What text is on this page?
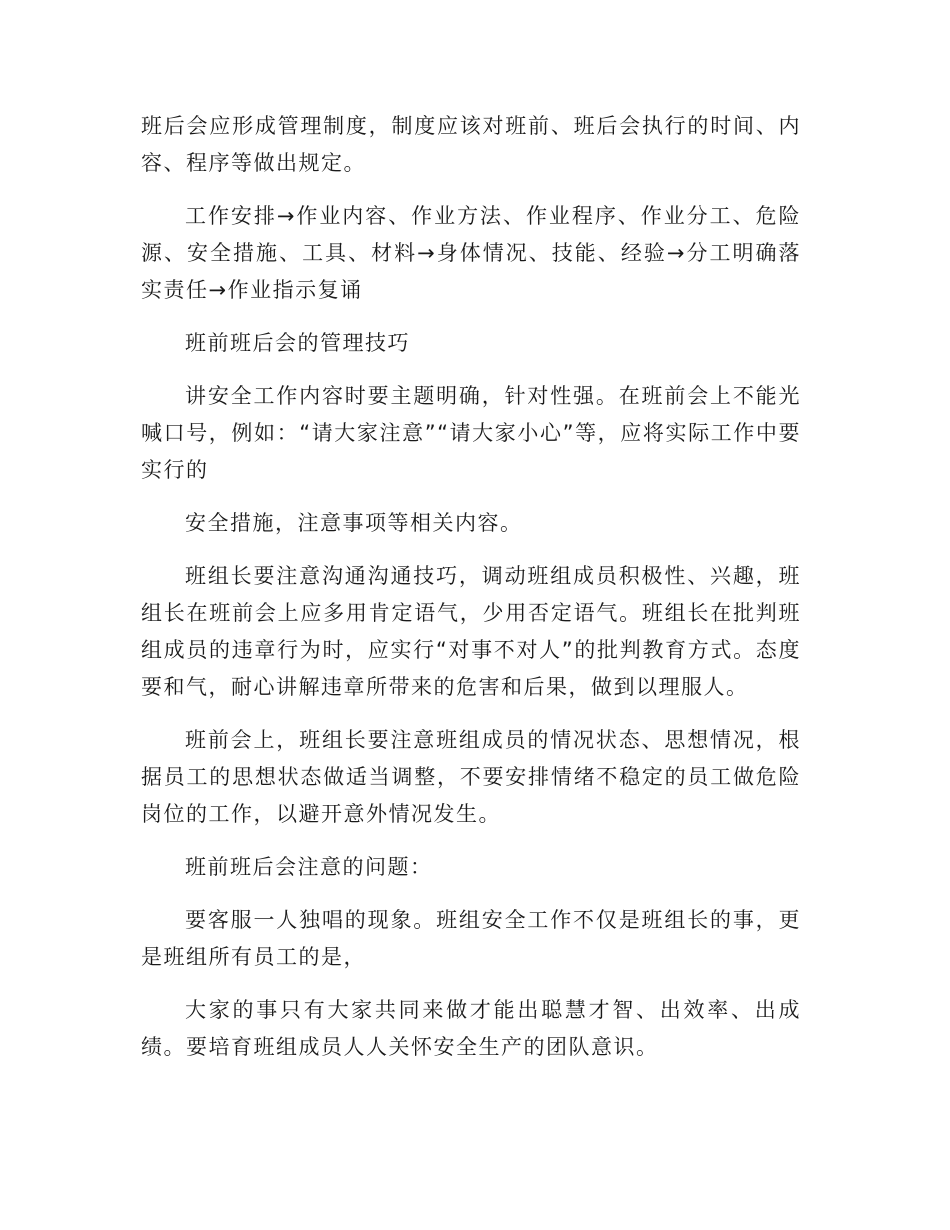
班后会应形成管理制度，制度应该对班前、班后会执行的时间、内容、程序等做出规定。

工作安排→作业内容、作业方法、作业程序、作业分工、危险源、安全措施、工具、材料→身体情况、技能、经验→分工明确落实责任→作业指示复诵

班前班后会的管理技巧

讲安全工作内容时要主题明确，针对性强。在班前会上不能光喊口号，例如：“请大家注意”“请大家小心”等，应将实际工作中要实行的

安全措施，注意事项等相关内容。

班组长要注意沟通沟通技巧，调动班组成员积极性、兴趣，班组长在班前会上应多用肯定语气，少用否定语气。班组长在批判班组成员的违章行为时，应实行“对事不对人”的批判教育方式。态度要和气，耐心讲解违章所带来的危害和后果，做到以理服人。

班前会上，班组长要注意班组成员的情况状态、思想情况，根据员工的思想状态做适当调整，不要安排情绪不稳定的员工做危险岗位的工作，以避开意外情况发生。

班前班后会注意的问题：

要客服一人独唱的现象。班组安全工作不仅是班组长的事，更是班组所有员工的是，

大家的事只有大家共同来做才能出聪慧才智、出效率、出成绩。要培育班组成员人人关怀安全生产的团队意识。
